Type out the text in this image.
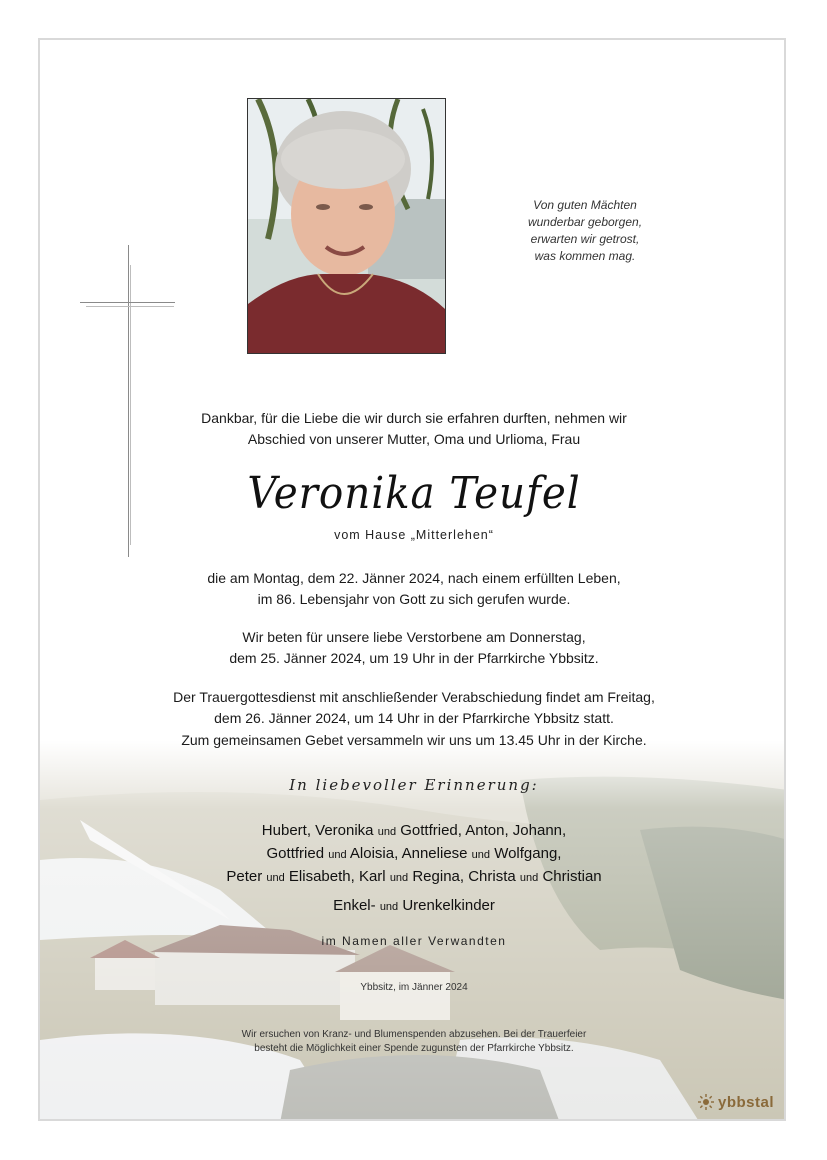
Von guten Mächten
wunderbar geborgen,
erwarten wir getrost,
was kommen mag.
Dankbar, für die Liebe die wir durch sie erfahren durften, nehmen wir
Abschied von unserer Mutter, Oma und Urlioma, Frau
Veronika Teufel
vom Hause „Mitterlehen“
die am Montag, dem 22. Jänner 2024, nach einem erfüllten Leben,
im 86. Lebensjahr von Gott zu sich gerufen wurde.
Wir beten für unsere liebe Verstorbene am Donnerstag,
dem 25. Jänner 2024, um 19 Uhr in der Pfarrkirche Ybbsitz.
Der Trauergottesdienst mit anschließender Verabschiedung findet am Freitag,
dem 26. Jänner 2024, um 14 Uhr in der Pfarrkirche Ybbsitz statt.
Zum gemeinsamen Gebet versammeln wir uns um 13.45 Uhr in der Kirche.
In liebevoller Erinnerung:
Hubert, Veronika und Gottfried, Anton, Johann,
Gottfried und Aloisia, Anneliese und Wolfgang,
Peter und Elisabeth, Karl und Regina, Christa und Christian
Enkel- und Urenkelkinder
im Namen aller Verwandten
Ybbsitz, im Jänner 2024
Wir ersuchen von Kranz- und Blumenspenden abzusehen. Bei der Trauerfeier
besteht die Möglichkeit einer Spende zugunsten der Pfarrkirche Ybbsitz.
ybbstal
